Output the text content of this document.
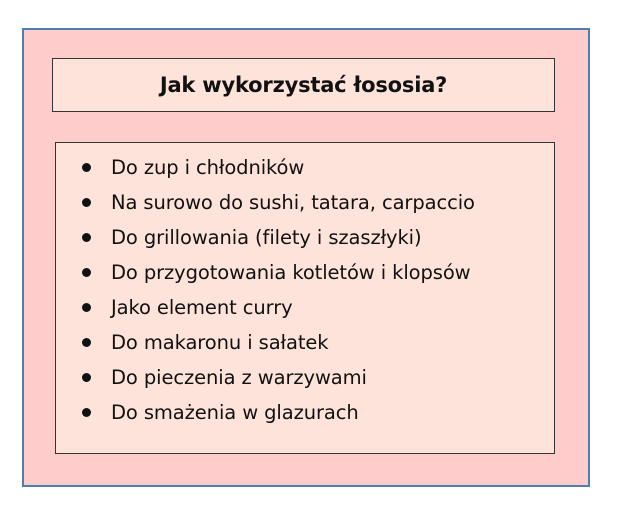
Jak wykorzystać łososia?
Do zup i chłodników
Na surowo do sushi, tatara, carpaccio
Do grillowania (filety i szaszłyki)
Do przygotowania kotletów i klopsów
Jako element curry
Do makaronu i sałatek
Do pieczenia z warzywami
Do smażenia w glazurach
